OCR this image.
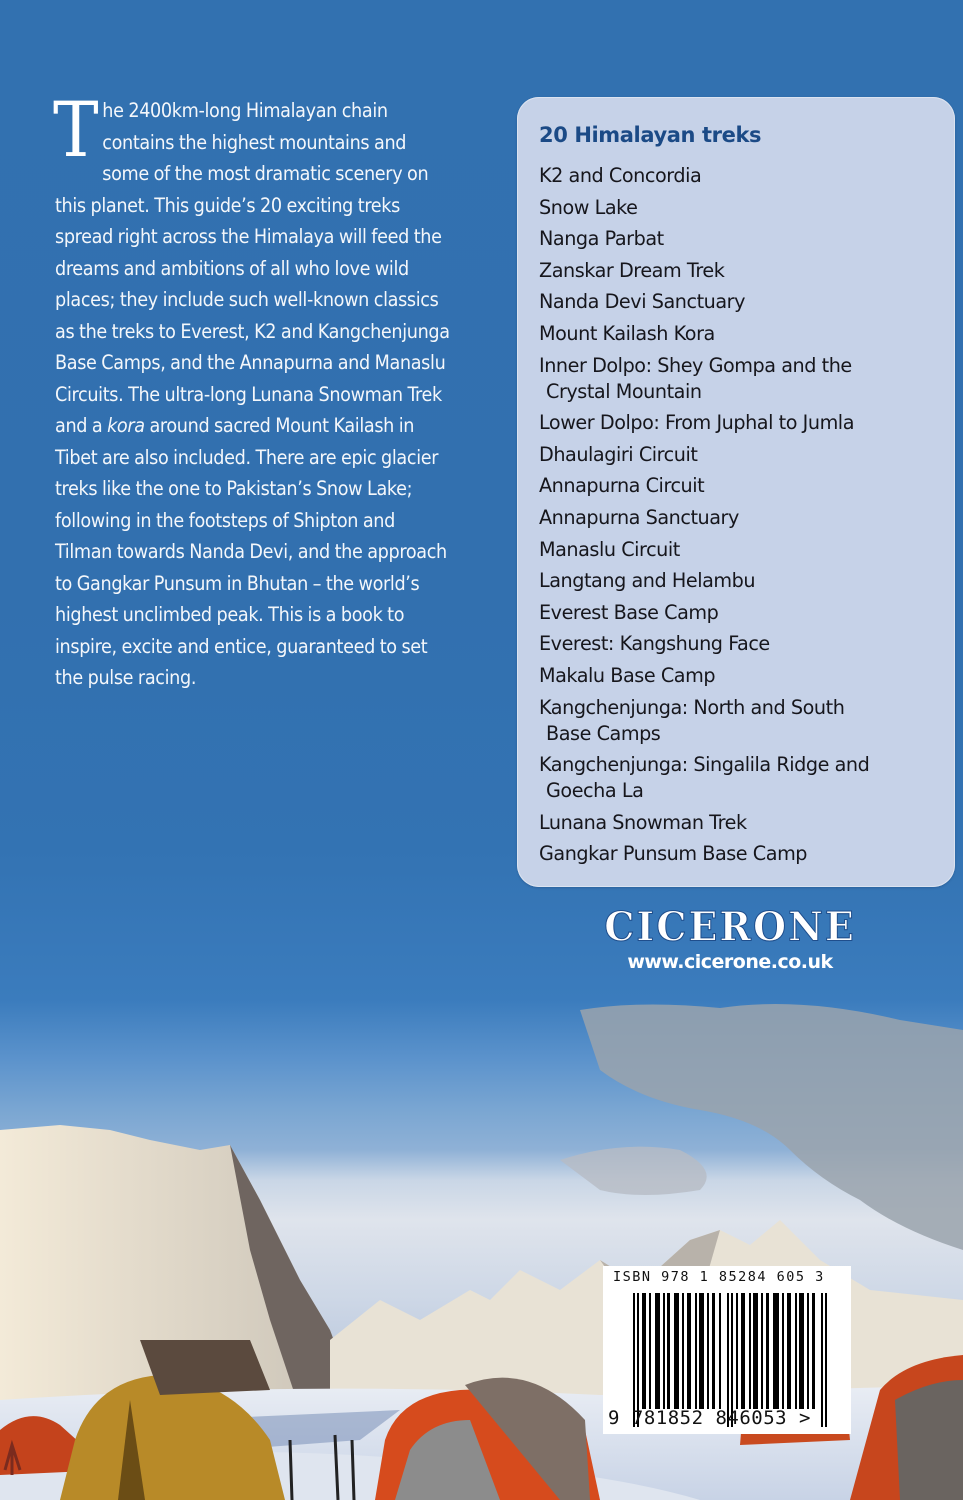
The 2400km-long Himalayan chain contains the highest mountains and some of the most dramatic scenery on this planet. This guide’s 20 exciting treks spread right across the Himalaya will feed the dreams and ambitions of all who love wild places; they include such well-known classics as the treks to Everest, K2 and Kangchenjunga Base Camps, and the Annapurna and Manaslu Circuits. The ultra-long Lunana Snowman Trek and a kora around sacred Mount Kailash in Tibet are also included. There are epic glacier treks like the one to Pakistan’s Snow Lake; following in the footsteps of Shipton and Tilman towards Nanda Devi, and the approach to Gangkar Punsum in Bhutan – the world’s highest unclimbed peak. This is a book to inspire, excite and entice, guaranteed to set the pulse racing.

20 Himalayan treks
K2 and Concordia
Snow Lake
Nanga Parbat
Zanskar Dream Trek
Nanda Devi Sanctuary
Mount Kailash Kora
Inner Dolpo: Shey Gompa and the
Crystal Mountain
Lower Dolpo: From Juphal to Jumla
Dhaulagiri Circuit
Annapurna Circuit
Annapurna Sanctuary
Manaslu Circuit
Langtang and Helambu
Everest Base Camp
Everest: Kangshung Face
Makalu Base Camp
Kangchenjunga: North and South
Base Camps
Kangchenjunga: Singalila Ridge and
Goecha La
Lunana Snowman Trek
Gangkar Punsum Base Camp
CICERONE
www.cicerone.co.uk
ISBN 978 1 85284 605 3
9 781852 846053 >
